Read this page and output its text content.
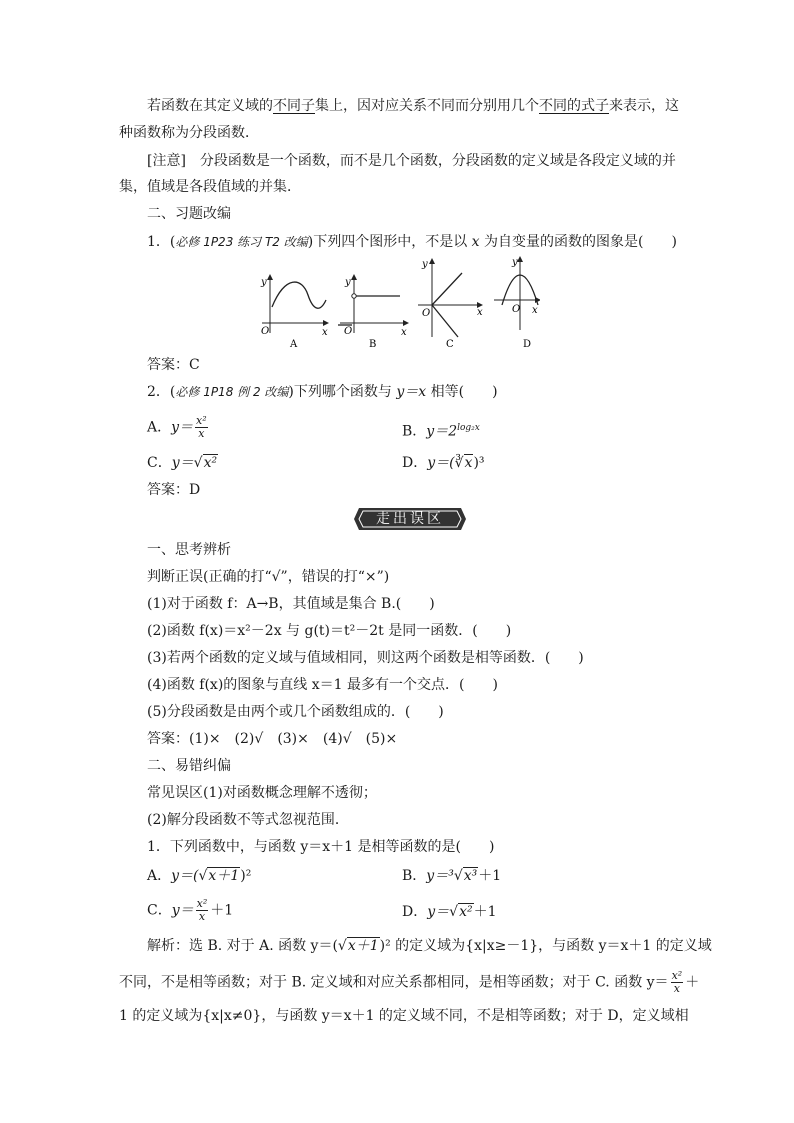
若函数在其定义域的不同子集上，因对应关系不同而分别用几个不同的式子来表示，这
种函数称为分段函数．
[注意]　分段函数是一个函数，而不是几个函数，分段函数的定义域是各段定义域的并
集，值域是各段值域的并集．
二、习题改编
1．(必修 1P23 练习 T2 改编)下列四个图形中，不是以 x 为自变量的函数的图象是(　　)
y
O	x
A
y
O	x
B
y
O	x
C
y
O x
D
答案：C
2．(必修 1P18 例 2 改编)下列哪个函数与 y＝x 相等(　　)
A．$y= \frac{\text{x²}}{x}$	B．$y=2^{log_2x}$
C．y＝√x²	D．y＝(∛x)³
答案：D
走出误区
一、思考辨析
判断正误(正确的打“√”，错误的打“×”)
(1)对于函数 f：A→B，其值域是集合 B.(　　)
(2)函数 f(x)＝x²－2x 与 g(t)＝t²－2t 是同一函数．(　　)
(3)若两个函数的定义域与值域相同，则这两个函数是相等函数．(　　)
(4)函数 f(x)的图象与直线 x＝1 最多有一个交点．(　　)
(5)分段函数是由两个或几个函数组成的．(　　)
答案：(1)×　(2)√　(3)×　(4)√　(5)×
二、易错纠偏
常见误区(1)对函数概念理解不透彻；
(2)解分段函数不等式忽视范围．
1．下列函数中，与函数 y＝x＋1 是相等函数的是(　　)
A．y＝(√x＋1)²	B．y＝³√x³＋1
C．$y= \frac{\text{x²}}{x} +1$	D．y＝√x²＋1
解析：选 B. 对于 A. 函数 y＝(√x＋1)² 的定义域为{x|x≥－1}，与函数 y＝x＋1 的定义域
不同，不是相等函数；对于 B. 定义域和对应关系都相同，是相等函数；对于 C. 函数 $y= \frac{\text{x²}}{x}$ ＋
1 的定义域为{x|x≠0}，与函数 y＝x＋1 的定义域不同，不是相等函数；对于 D，定义域相
